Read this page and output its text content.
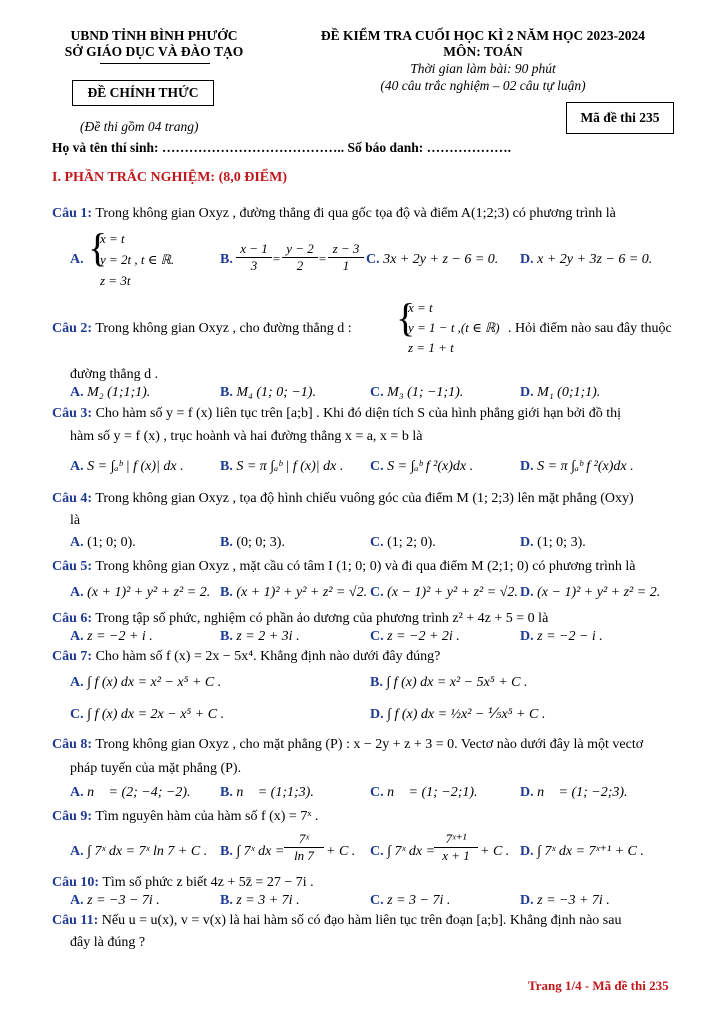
UBND TỈNH BÌNH PHƯỚC
SỞ GIÁO DỤC VÀ ĐÀO TẠO
ĐỀ CHÍNH THỨC
(Đề thi gồm 04 trang)
ĐỀ KIỂM TRA CUỐI HỌC KÌ 2 NĂM HỌC 2023-2024
MÔN: TOÁN
Thời gian làm bài: 90 phút
(40 câu trắc nghiệm – 02 câu tự luận)
Mã đề thi 235
Họ và tên thí sinh: ………………………………….. Số báo danh: ……………….
I. PHẦN TRẮC NGHIỆM: (8,0 ĐIỂM)
Câu 1: Trong không gian Oxyz , đường thẳng đi qua gốc tọa độ và điểm A(1;2;3) có phương trình là
A. {
x = t
y = 2t , t ∈ ℝ.
z = 3t
B. $\frac{x - 1}{3} = \frac{y - 2}{2} = \frac{z - 3}{1} C$. 3x + 2y + z − 6 = 0. D. x + 2y + 3z − 6 = 0.
Câu 2: Trong không gian Oxyz , cho đường thẳng d : {
x = t
y = 1 − t ,(t ∈ ℝ)
z = 1 + t
. Hỏi điểm nào sau đây thuộc
đường thẳng d .
A. M₂ (1;1;1).	B. M₄ (1; 0; −1).	C. M₃ (1; −1;1).	D. M₁ (0;1;1).
Câu 3: Cho hàm số y = f (x) liên tục trên [a;b] . Khi đó diện tích S của hình phẳng giới hạn bởi đồ thị
hàm số y = f (x) , trục hoành và hai đường thẳng x = a, x = b là
A. S = ∫ₐᵇ | f (x)| dx .	B. S = π ∫ₐᵇ | f (x)| dx . C. S = ∫ₐᵇ f ²(x)dx .	D. S = π ∫ₐᵇ f ²(x)dx .
Câu 4: Trong không gian Oxyz , tọa độ hình chiếu vuông góc của điểm M (1; 2;3) lên mặt phẳng (Oxy)
là
A. (1; 0; 0).	B. (0; 0; 3).	C. (1; 2; 0).	D. (1; 0; 3).
Câu 5: Trong không gian Oxyz , mặt cầu có tâm I (1; 0; 0) và đi qua điểm M (2;1; 0) có phương trình là
A. (x + 1)² + y² + z² = 2. B. (x + 1)² + y² + z² = √2. C. (x − 1)² + y² + z² = √2. D. (x − 1)² + y² + z² = 2.
Câu 6: Trong tập số phức, nghiệm có phần ảo dương của phương trình z² + 4z + 5 = 0 là
A. z = −2 + i .	B. z = 2 + 3i .	C. z = −2 + 2i .	D. z = −2 − i .
Câu 7: Cho hàm số f (x) = 2x − 5x⁴. Khẳng định nào dưới đây đúng?
A. ∫ f (x) dx = x² − x⁵ + C .	B. ∫ f (x) dx = x² − 5x⁵ + C .
C. ∫ f (x) dx = 2x − x⁵ + C .	D. ∫ f (x) dx = ½x² − ⅕x⁵ + C .
Câu 8: Trong không gian Oxyz , cho mặt phẳng (P) : x − 2y + z + 3 = 0. Vectơ nào dưới đây là một vectơ
pháp tuyến của mặt phẳng (P).
A. n⃗ = (2; −4; −2). B. n⃗ = (1;1;3).	C. n⃗ = (1; −2;1).	D. n⃗ = (1; −2;3).
Câu 9: Tìm nguyên hàm của hàm số f (x) = 7ˣ .
A. ∫ 7ˣ dx = 7ˣ ln 7 + C . B. ∫ 7ˣ dx = $\frac{\text{7ˣ}}{\ln 7} + C$ . C. ∫ 7ˣ dx =
$\frac{\text{7ˣ⁺¹}}{x + 1} + C$ . D. ∫ 7ˣ dx = 7ˣ⁺¹ + C .
Câu 10: Tìm số phức z biết 4z + 5z̄ = 27 − 7i .
A. z = −3 − 7i .	B. z = 3 + 7i .	C. z = 3 − 7i .	D. z = −3 + 7i .
Câu 11: Nếu u = u(x), v = v(x) là hai hàm số có đạo hàm liên tục trên đoạn [a;b]. Khẳng định nào sau
đây là đúng ?
Trang 1/4 - Mã đề thi 235
